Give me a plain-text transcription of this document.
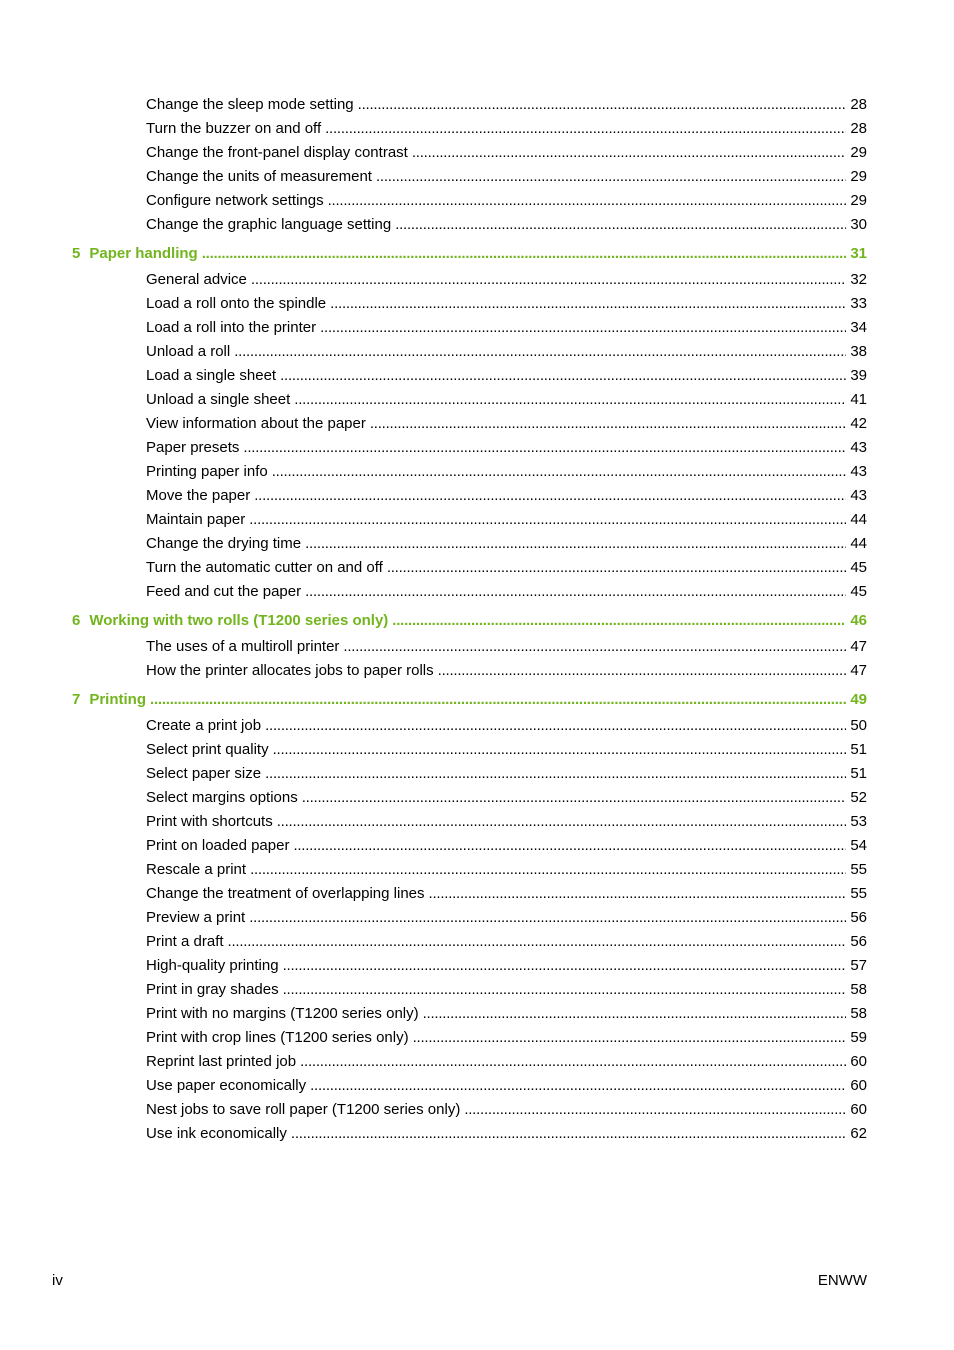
Change the sleep mode setting . . .	28
Turn the buzzer on and off . . .	28
Change the front-panel display contrast . . .	29
Change the units of measurement . . .	29
Configure network settings . . .	29
Change the graphic language setting . . .	30
5 Paper handling . . .	31
General advice . . .	32
Load a roll onto the spindle . . .	33
Load a roll into the printer . . .	34
Unload a roll . . .	38
Load a single sheet . . .	39
Unload a single sheet . . .	41
View information about the paper . . .	42
Paper presets . . .	43
Printing paper info . . .	43
Move the paper . . .	43
Maintain paper . . .	44
Change the drying time . . .	44
Turn the automatic cutter on and off . . .	45
Feed and cut the paper . . .	45
6 Working with two rolls (T1200 series only) . . .	46
The uses of a multiroll printer . . .	47
How the printer allocates jobs to paper rolls . . .	47
7 Printing . . .	49
Create a print job . . .	50
Select print quality . . .	51
Select paper size . . .	51
Select margins options . . .	52
Print with shortcuts . . .	53
Print on loaded paper . . .	54
Rescale a print . . .	55
Change the treatment of overlapping lines . . .	55
Preview a print . . .	56
Print a draft . . .	56
High-quality printing . . .	57
Print in gray shades . . .	58
Print with no margins (T1200 series only) . . .	58
Print with crop lines (T1200 series only) . . .	59
Reprint last printed job . . .	60
Use paper economically . . .	60
Nest jobs to save roll paper (T1200 series only) . . .	60
Use ink economically . . .	62
iv	ENWW
